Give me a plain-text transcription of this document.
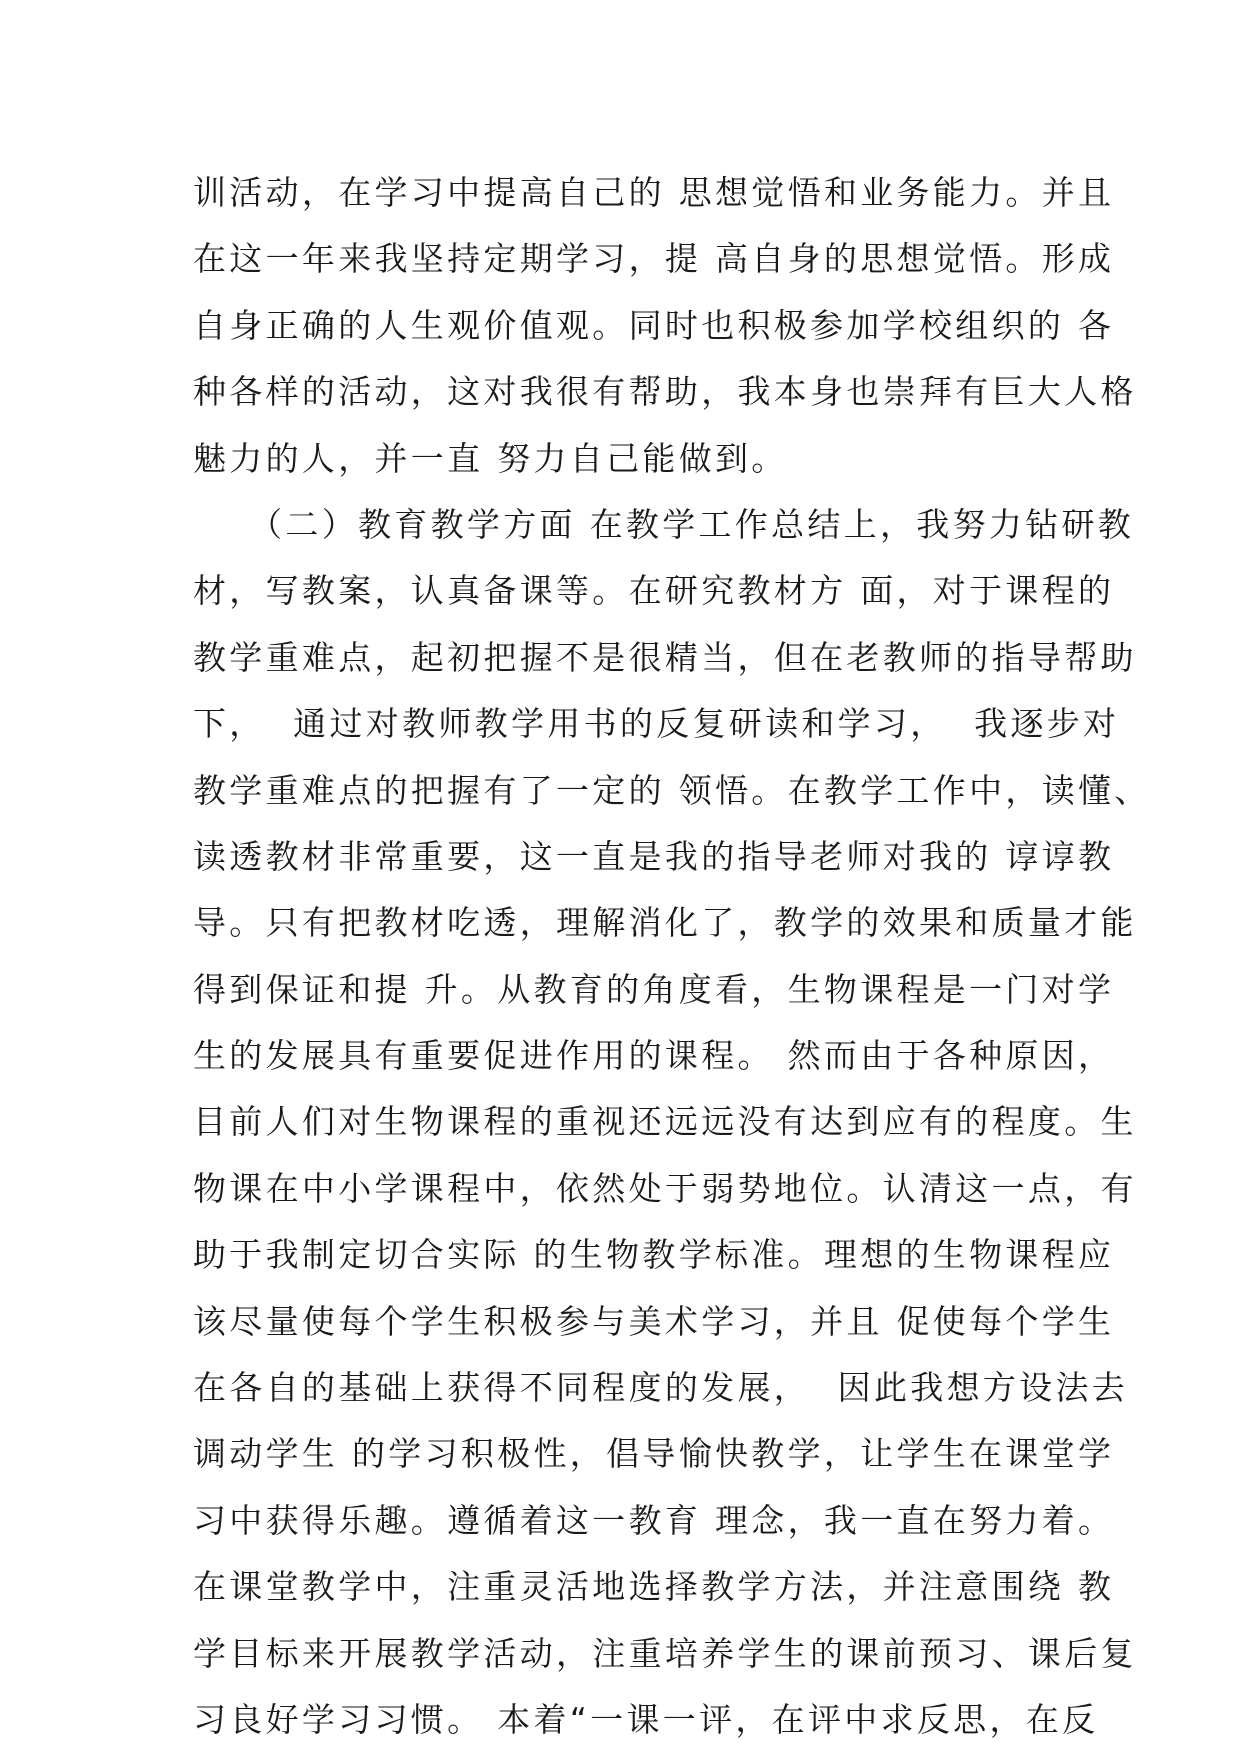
训活动，在学习中提高自己的 思想觉悟和业务能力。并且

在这一年来我坚持定期学习，提 高自身的思想觉悟。形成

自身正确的人生观价值观。同时也积极参加学校组织的 各

种各样的活动，这对我很有帮助，我本身也崇拜有巨大人格

魅力的人，并一直 努力自己能做到。

　　（二）教育教学方面 在教学工作总结上，我努力钻研教

材，写教案，认真备课等。在研究教材方 面，对于课程的

教学重难点，起初把握不是很精当，但在老教师的指导帮助

下，  通过对教师教学用书的反复研读和学习，  我逐步对

教学重难点的把握有了一定的 领悟。在教学工作中，读懂、

读透教材非常重要，这一直是我的指导老师对我的 谆谆教

导。只有把教材吃透，理解消化了，教学的效果和质量才能

得到保证和提 升。从教育的角度看，生物课程是一门对学

生的发展具有重要促进作用的课程。 然而由于各种原因，

目前人们对生物课程的重视还远远没有达到应有的程度。生

物课在中小学课程中，依然处于弱势地位。认清这一点，有

助于我制定切合实际 的生物教学标准。理想的生物课程应

该尽量使每个学生积极参与美术学习，并且 促使每个学生

在各自的基础上获得不同程度的发展，  因此我想方设法去

调动学生 的学习积极性，倡导愉快教学，让学生在课堂学

习中获得乐趣。遵循着这一教育 理念，我一直在努力着。

在课堂教学中，注重灵活地选择教学方法，并注意围绕 教

学目标来开展教学活动，注重培养学生的课前预习、课后复

习良好学习习惯。 本着“一课一评，在评中求反思，在反
